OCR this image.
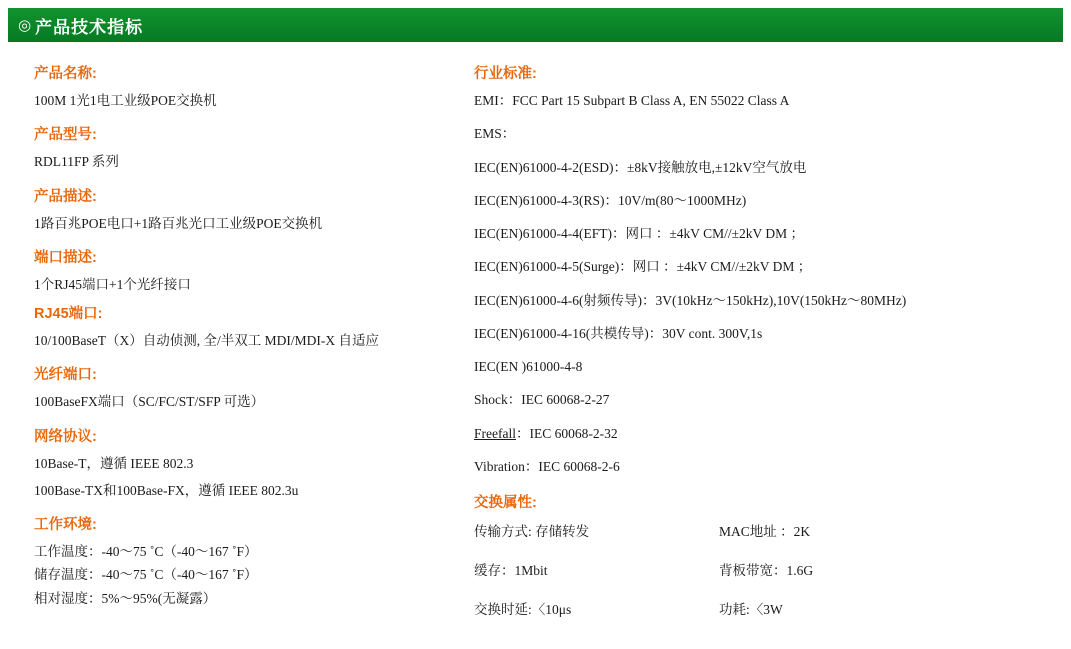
◎ 产品技术指标
产品名称:
100M 1光1电工业级POE交换机
产品型号:
RDL11FP 系列
产品描述:
1路百兆POE电口+1路百兆光口工业级POE交换机
端口描述:
1个RJ45端口+1个光纤接口
RJ45端口:
10/100BaseT（X）自动侦测, 全/半双工 MDI/MDI-X 自适应
光纤端口:
100BaseFX端口（SC/FC/ST/SFP 可选）
网络协议:
10Base-T，遵循 IEEE 802.3
100Base-TX和100Base-FX，遵循 IEEE 802.3u
工作环境:
工作温度：-40～75 ˚C（-40～167 ˚F）
储存温度：-40～75 ˚C（-40～167 ˚F）
相对湿度：5%～95%(无凝露）
行业标准:
EMI：FCC Part 15 Subpart B Class A, EN 55022 Class A
EMS：
IEC(EN)61000-4-2(ESD)：±8kV接触放电,±12kV空气放电
IEC(EN)61000-4-3(RS)：10V/m(80～1000MHz)
IEC(EN)61000-4-4(EFT)：网口 ：±4kV CM//±2kV DM ；
IEC(EN)61000-4-5(Surge)：网口 ：±4kV CM//±2kV DM ；
IEC(EN)61000-4-6(射频传导)：3V(10kHz～150kHz),10V(150kHz～80MHz)
IEC(EN)61000-4-16(共模传导)：30V cont. 300V,1s
IEC(EN )61000-4-8
Shock：IEC 60068-2-27
Freefall：IEC 60068-2-32
Vibration：IEC 60068-2-6
交换属性:
传输方式: 存储转发	MAC地址 ：2K
缓存：1Mbit	背板带宽：1.6G
交换时延:〈10μs	功耗:〈3W
